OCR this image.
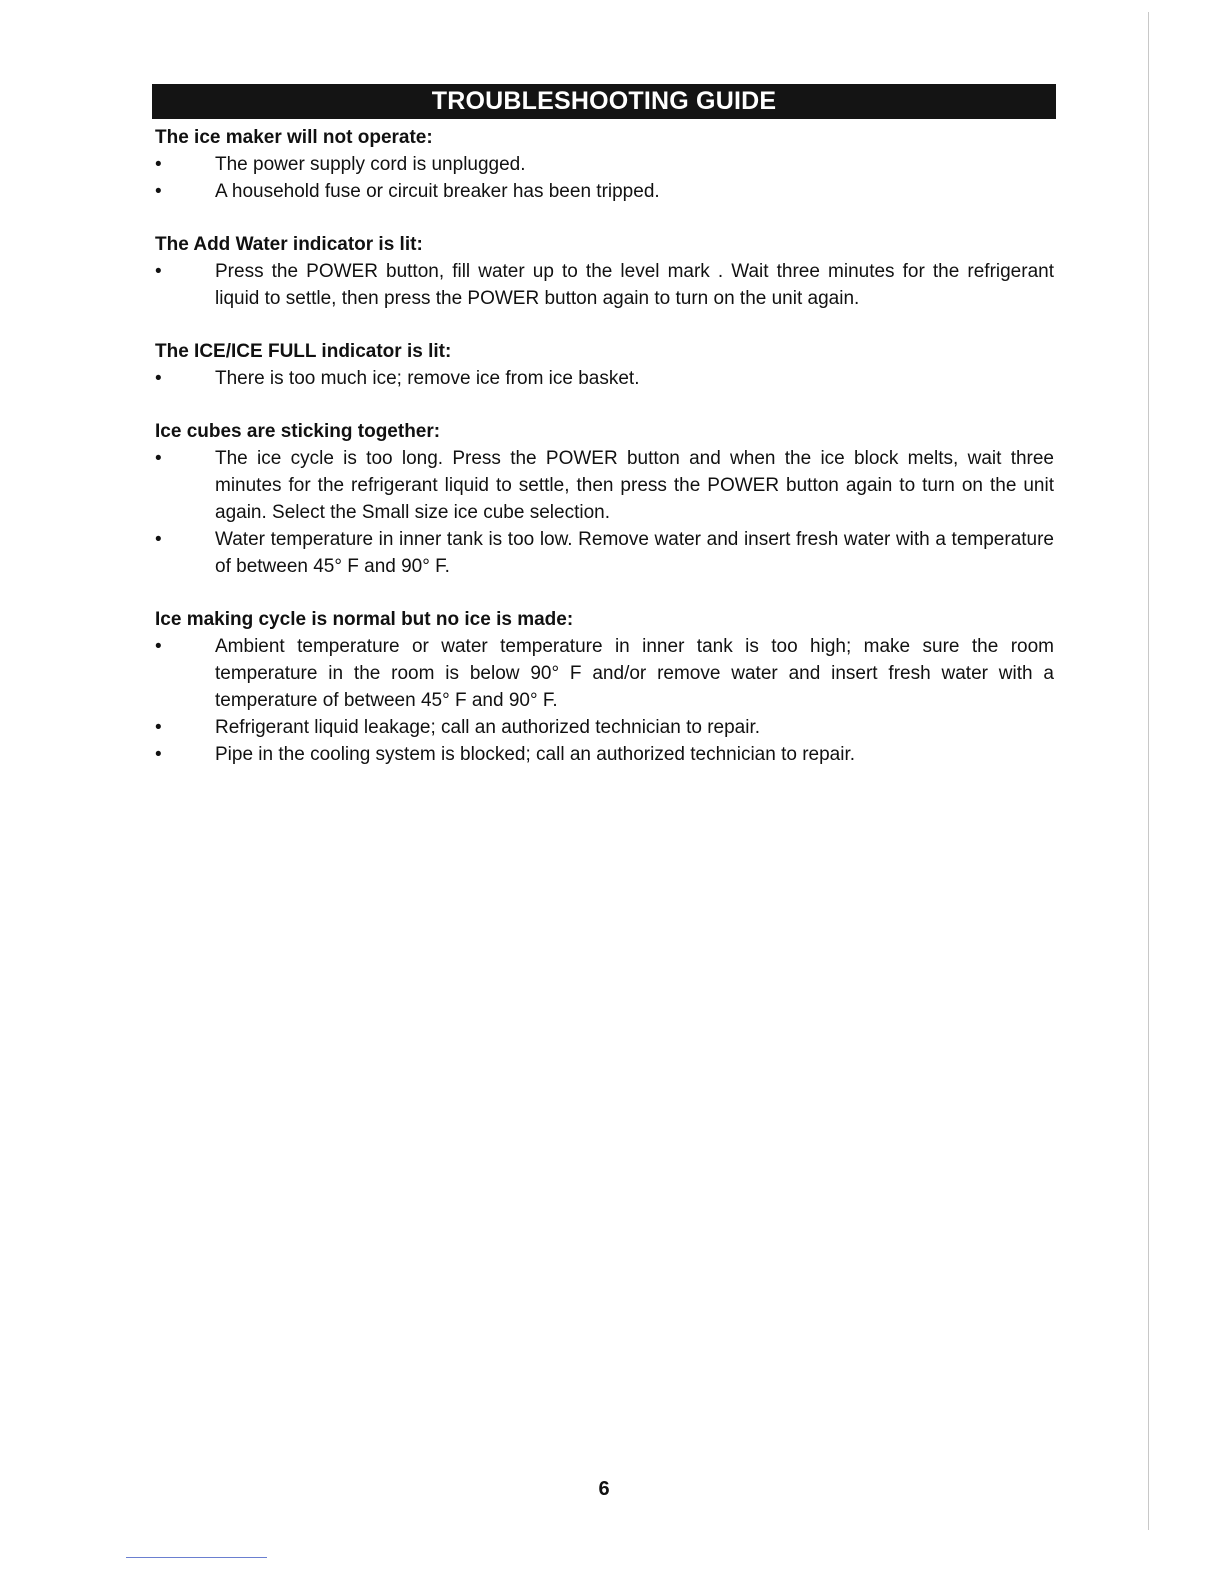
TROUBLESHOOTING GUIDE
The ice maker will not operate:
•	The power supply cord is unplugged.
•	A household fuse or circuit breaker has been tripped.
The Add Water indicator is lit:
•	Press the POWER button, fill water up to the level mark . Wait three minutes for the refrigerant liquid to settle, then press the POWER button again to turn on the unit again.
The ICE/ICE FULL indicator is lit:
•	There is too much ice; remove ice from ice basket.
Ice cubes are sticking together:
•	The ice cycle is too long. Press the POWER button and when the ice block melts, wait three minutes for the refrigerant liquid to settle, then press the POWER button again to turn on the unit again. Select the Small size ice cube selection.
•	Water temperature in inner tank is too low. Remove water and insert fresh water with a temperature of between 45° F and 90° F.
Ice making cycle is normal but no ice is made:
•	Ambient temperature or water temperature in inner tank is too high; make sure the room temperature in the room is below 90° F and/or remove water and insert fresh water with a temperature of between 45° F and 90° F.
•	Refrigerant liquid leakage; call an authorized technician to repair.
•	Pipe in the cooling system is blocked; call an authorized technician to repair.
6
